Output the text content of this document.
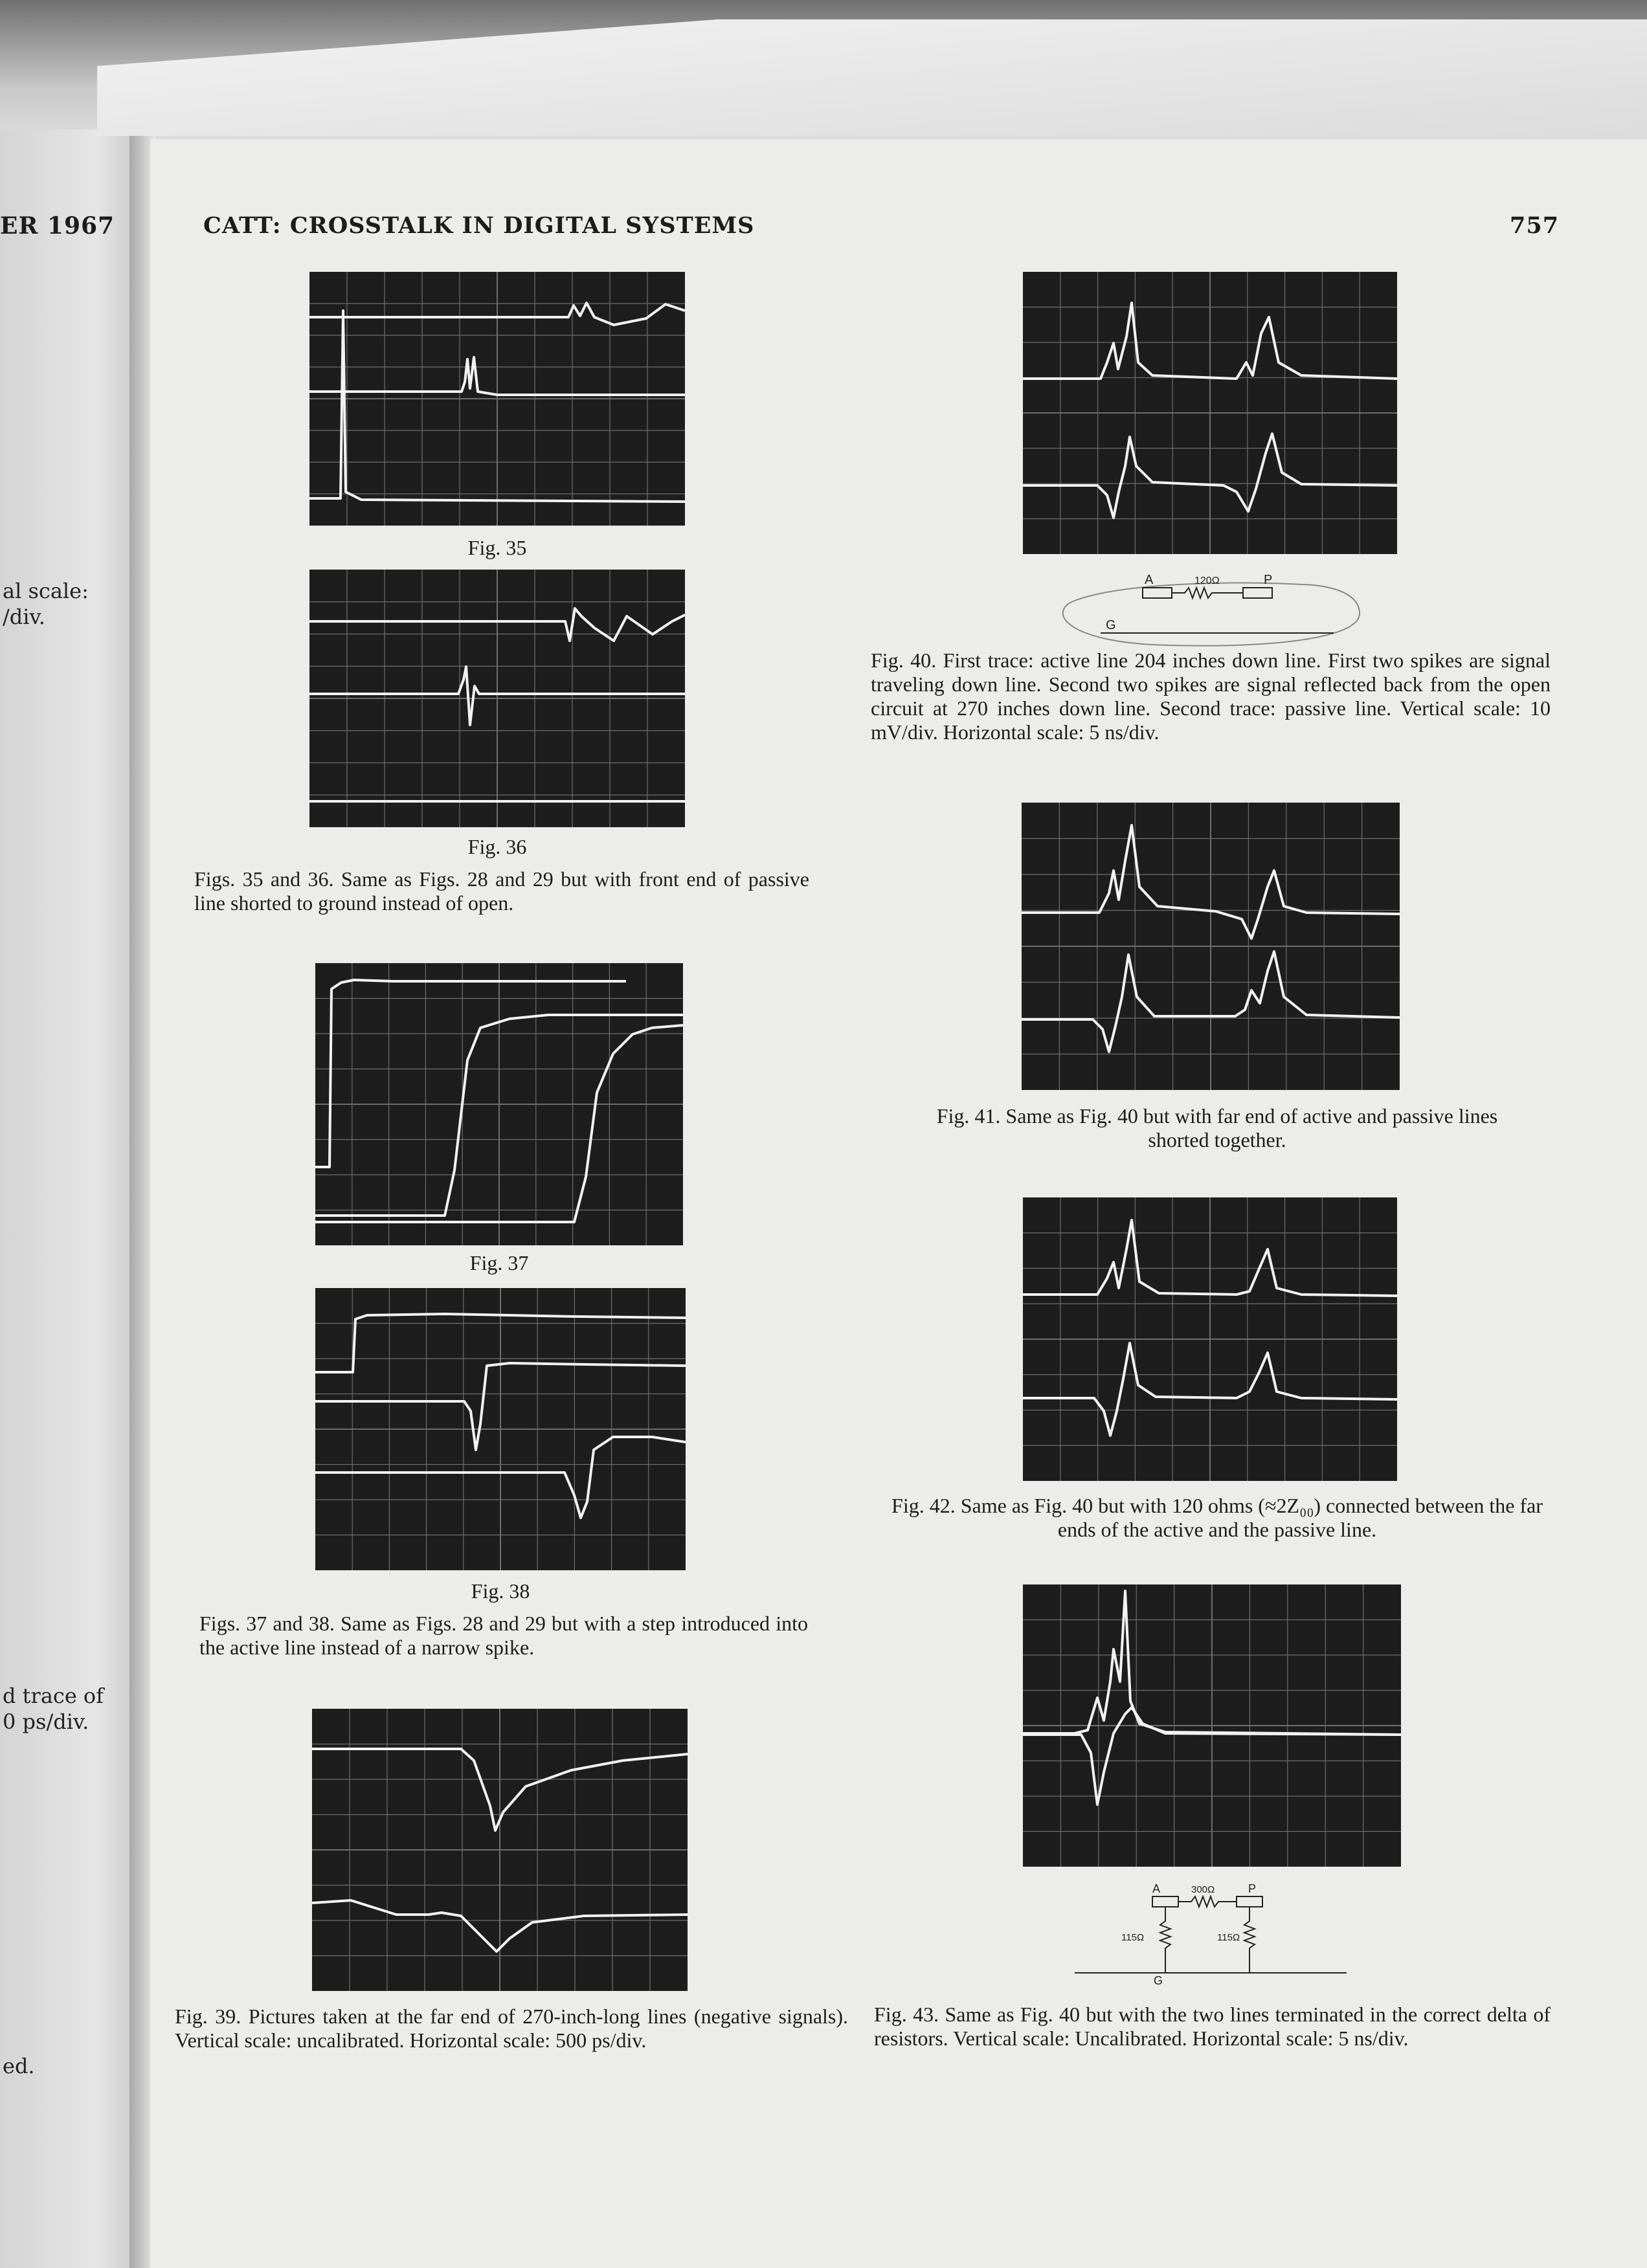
ER 1967
al scale:
/div.
d trace of
0 ps/div.
ed.
CATT: CROSSTALK IN DIGITAL SYSTEMS	757
Fig. 35
Fig. 36
Figs. 35 and 36. Same as Figs. 28 and 29 but with front end of passive line shorted to ground instead of open.
Fig. 37
Fig. 38
Figs. 37 and 38. Same as Figs. 28 and 29 but with a step introduced into the active line instead of a narrow spike.
Fig. 39. Pictures taken at the far end of 270-inch-long lines (negative signals). Vertical scale: uncalibrated. Horizontal scale: 500 ps/div.
A	120Ω	P
G
Fig. 40. First trace: active line 204 inches down line. First two spikes are signal traveling down line. Second two spikes are signal reflected back from the open circuit at 270 inches down line. Second trace: passive line. Vertical scale: 10 mV/div. Horizontal scale: 5 ns/div.
Fig. 41. Same as Fig. 40 but with far end of active and passive lines shorted together.
Fig. 42. Same as Fig. 40 but with 120 ohms (≈2Z₀₀) connected between the far ends of the active and the passive line.
A	300Ω	P
115Ω	115Ω
G
Fig. 43. Same as Fig. 40 but with the two lines terminated in the correct delta of resistors. Vertical scale: Uncalibrated. Horizontal scale: 5 ns/div.
